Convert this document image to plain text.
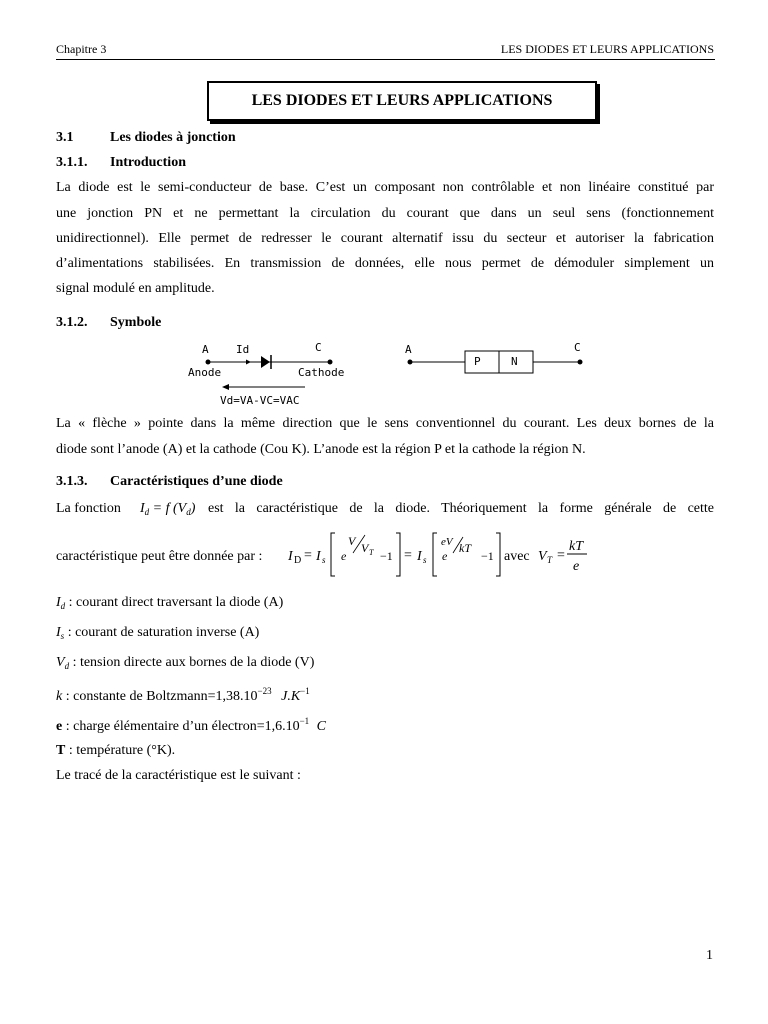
Chapitre 3	LES DIODES ET LEURS APPLICATIONS
LES DIODES ET LEURS APPLICATIONS
3.1	Les diodes à jonction
3.1.1. Introduction
La diode est le semi-conducteur de base. C’est un composant non contrôlable et non linéaire constitué par
une jonction PN et ne permettant la circulation du courant que dans un seul sens (fonctionnement
unidirectionnel). Elle permet de redresser le courant alternatif issu du secteur et autoriser la fabrication
d’alimentations stabilisées. En transmission de données, elle nous permet de démoduler simplement un
signal modulé en amplitude.
3.1.2. Symbole
A Id	C
Anode	Cathode
Vd=VA-VC=VAC
A	C
P	N
La « flèche » pointe dans la même direction que le sens conventionnel du courant. Les deux bornes de la
diode sont l’anode (A) et la cathode (Cou K). L’anode est la région P et la cathode la région N.
3.1.3. Caractéristiques d’une diode
La fonction $I_d = f$ $(V_d)$ est la caractéristique de la diode. Théoriquement la forme générale de cette
caractéristique peut être donnée par : I D = I s e
V V T −1 = I s e
eV kT
−1	V T =
kT
e
avec
$I_d$ : courant direct traversant la diode (A)
$I_s$ : courant de saturation inverse (A)
$V_d$ : tension directe aux bornes de la diode (V)
k : constante de $Boltzmann=1,38.10^{-23}$ $J.K^{-1}$
e : charge élémentaire d’un $électron=1,6.10^{-1}$ C
T : température (°K).
Le tracé de la caractéristique est le suivant :
1
